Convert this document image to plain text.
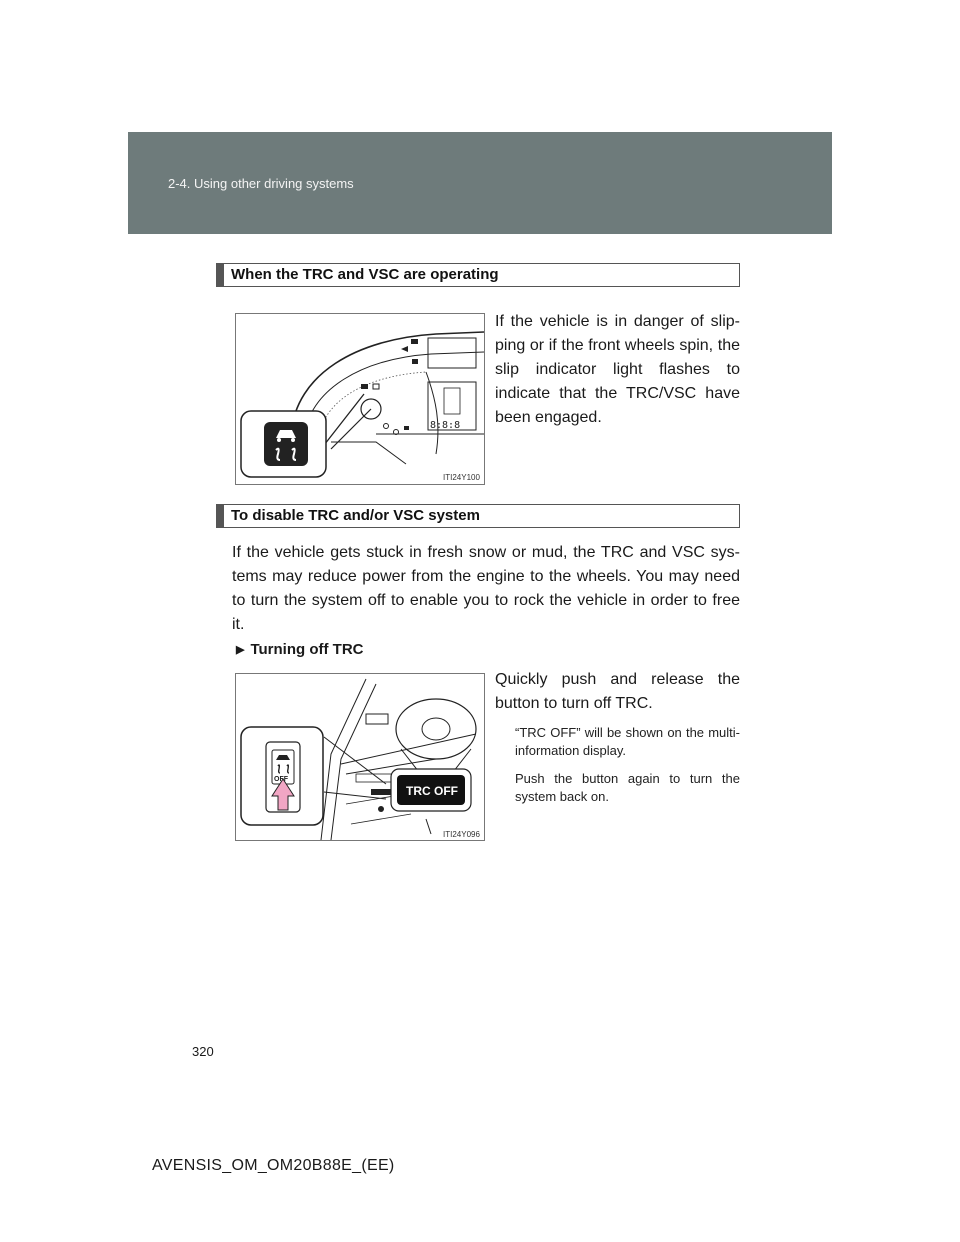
2-4. Using other driving systems
When the TRC and VSC are operating
8:8:8
ITI24Y100
If the vehicle is in danger of slip-ping or if the front wheels spin, the slip indicator light flashes to indicate that the TRC/VSC have been engaged.
To disable TRC and/or VSC system
If the vehicle gets stuck in fresh snow or mud, the TRC and VSC sys-tems may reduce power from the engine to the wheels. You may need to turn the system off to enable you to rock the vehicle in order to free it.
▶ Turning off TRC
OFF
TRC OFF
ITI24Y096
Quickly push and release the button to turn off TRC.
“TRC OFF” will be shown on the multi-information display.
Push the button again to turn the system back on.
320
AVENSIS_OM_OM20B88E_(EE)
